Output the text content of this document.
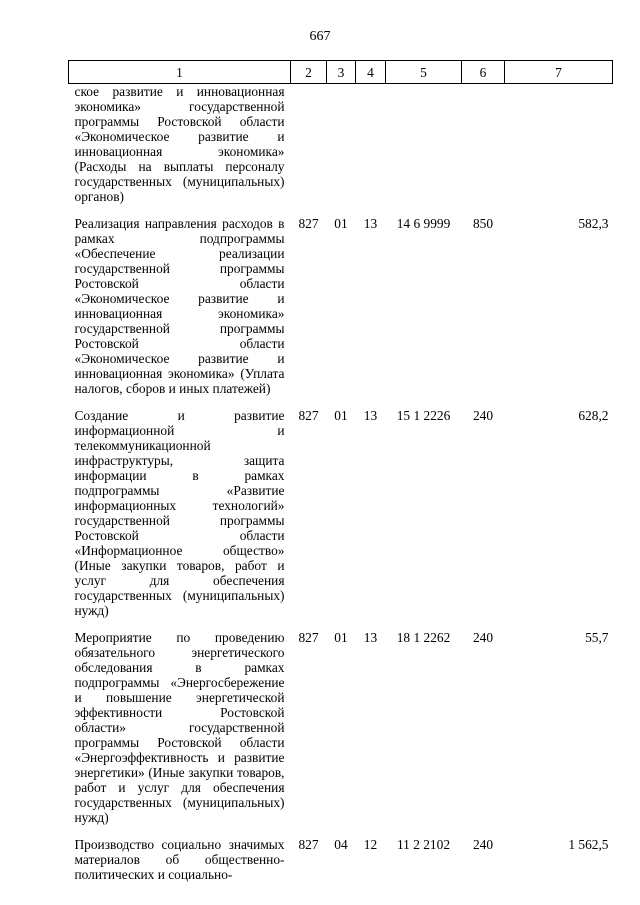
667
1	2	3	4	5	6	7
ское развитие и инновационная экономика» государственной программы Ростовской области «Экономическое развитие и инновационная экономика» (Расходы на выплаты персоналу государственных (муниципальных) органов)						

Реализация направления расходов в рамках подпрограммы «Обеспечение реализации государственной программы Ростовской области «Экономическое развитие и инновационная экономика» государственной программы Ростовской области «Экономическое развитие и инновационная экономика» (Уплата налогов, сборов и иных платежей)	827	01	13	14 6 9999	850	582,3

Создание и развитие информационной и телекоммуникационной инфраструктуры, защита информации в рамках подпрограммы «Развитие информационных технологий» государственной программы Ростовской области «Информационное общество» (Иные закупки товаров, работ и услуг для обеспечения государственных (муниципальных) нужд)	827	01	13	15 1 2226	240	628,2

Мероприятие по проведению обязательного энергетического обследования в рамках подпрограммы «Энергосбережение и повышение энергетической эффективности Ростовской области» государственной программы Ростовской области «Энергоэффективность и развитие энергетики» (Иные закупки товаров, работ и услуг для обеспечения государственных (муниципальных) нужд)	827	01	13	18 1 2262	240	55,7

Производство социально значимых материалов об общественно-политических и социально-	827	04	12	11 2 2102	240	1 562,5
